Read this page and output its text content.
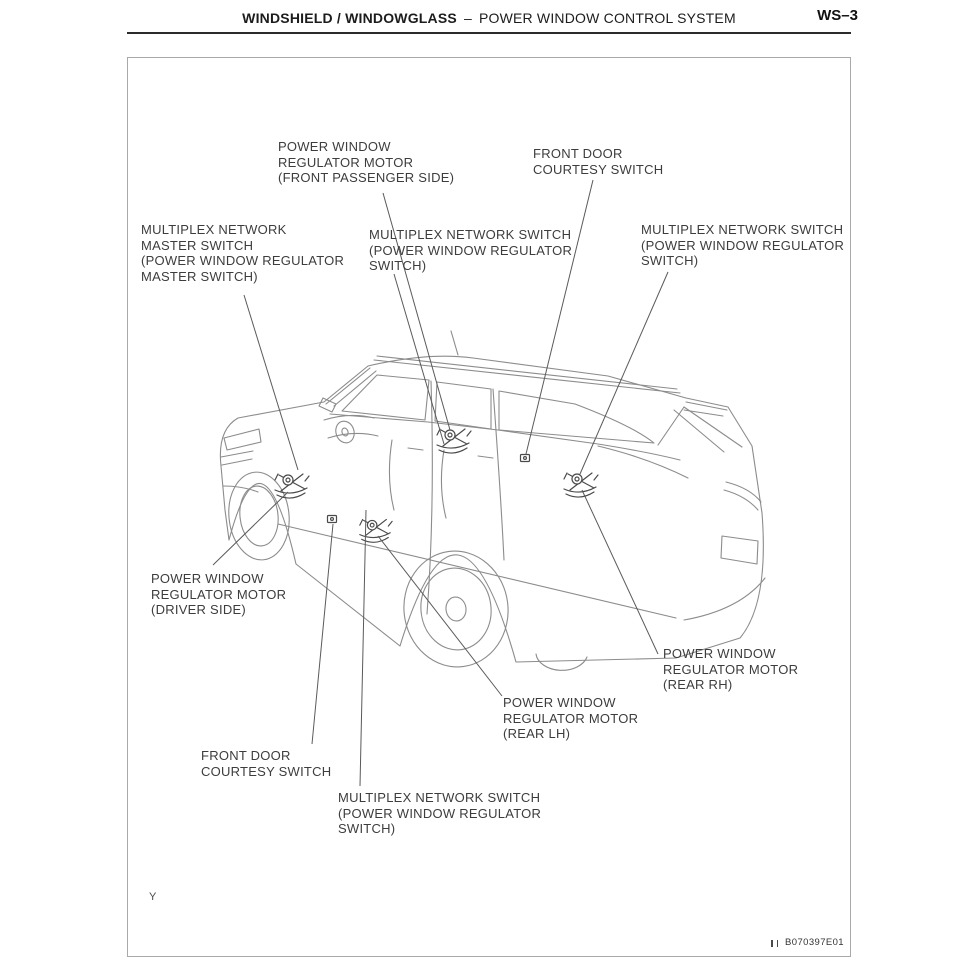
WINDSHIELD / WINDOWGLASS – POWER WINDOW CONTROL SYSTEM	WS–3
POWER WINDOW
REGULATOR MOTOR
(FRONT PASSENGER SIDE)
FRONT DOOR
COURTESY SWITCH
MULTIPLEX NETWORK
MASTER SWITCH
(POWER WINDOW REGULATOR
MASTER SWITCH)
MULTIPLEX NETWORK SWITCH
(POWER WINDOW REGULATOR
SWITCH)
MULTIPLEX NETWORK SWITCH
(POWER WINDOW REGULATOR
SWITCH)
POWER WINDOW
REGULATOR MOTOR
(DRIVER SIDE)
POWER WINDOW
REGULATOR MOTOR
(REAR RH)
POWER WINDOW
REGULATOR MOTOR
(REAR LH)
FRONT DOOR
COURTESY SWITCH
MULTIPLEX NETWORK SWITCH
(POWER WINDOW REGULATOR
SWITCH)
Y
B070397E01
